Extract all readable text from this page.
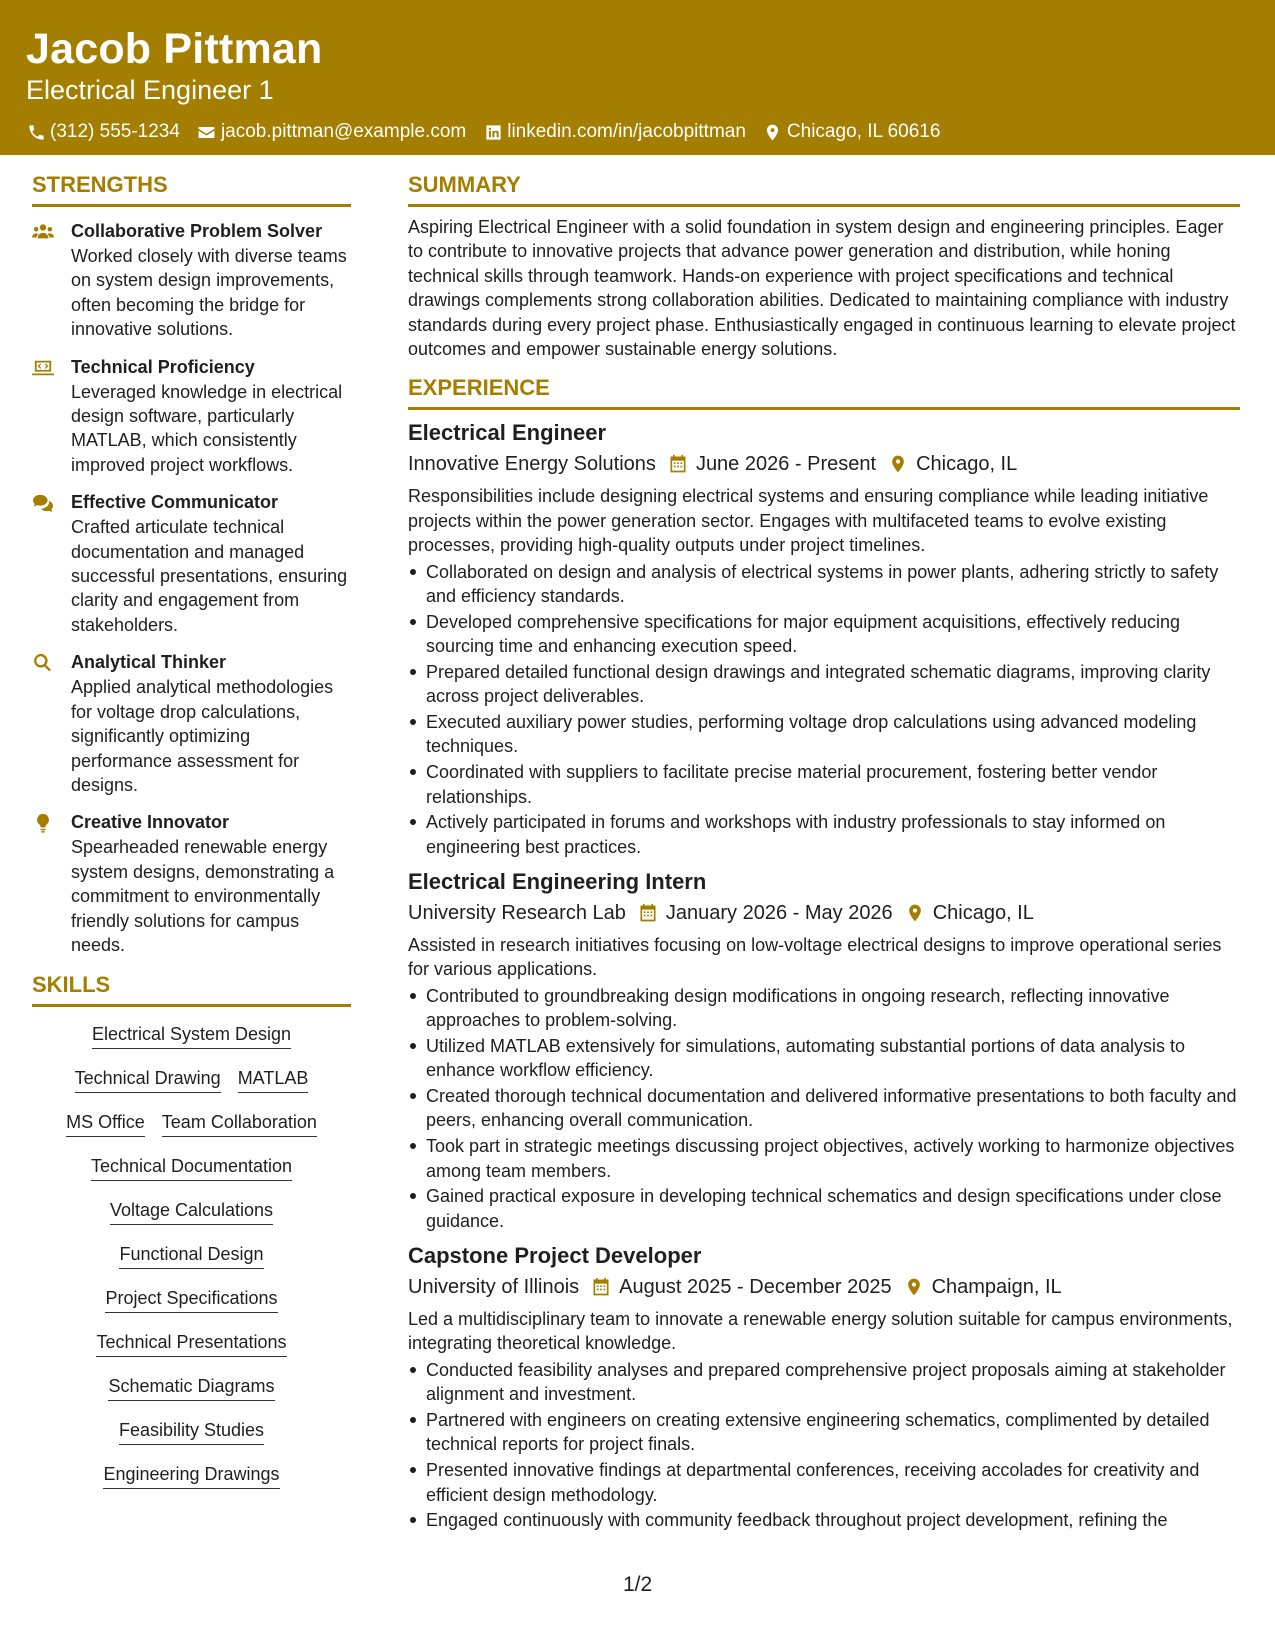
Jacob Pittman
Electrical Engineer 1
(312) 555-1234 jacob.pittman@example.com linkedin.com/in/jacobpittman Chicago, IL 60616
STRENGTHS
Collaborative Problem Solver
Worked closely with diverse teams on system design improvements, often becoming the bridge for innovative solutions.
Technical Proficiency
Leveraged knowledge in electrical design software, particularly MATLAB, which consistently improved project workflows.
Effective Communicator
Crafted articulate technical documentation and managed successful presentations, ensuring clarity and engagement from stakeholders.
Analytical Thinker
Applied analytical methodologies for voltage drop calculations, significantly optimizing performance assessment for designs.
Creative Innovator
Spearheaded renewable energy system designs, demonstrating a commitment to environmentally friendly solutions for campus needs.
SKILLS
Electrical System Design
Technical Drawing MATLAB
MS Office Team Collaboration
Technical Documentation
Voltage Calculations
Functional Design
Project Specifications
Technical Presentations
Schematic Diagrams
Feasibility Studies
Engineering Drawings
SUMMARY
Aspiring Electrical Engineer with a solid foundation in system design and engineering principles. Eager to contribute to innovative projects that advance power generation and distribution, while honing technical skills through teamwork. Hands-on experience with project specifications and technical drawings complements strong collaboration abilities. Dedicated to maintaining compliance with industry standards during every project phase. Enthusiastically engaged in continuous learning to elevate project outcomes and empower sustainable energy solutions.
EXPERIENCE
Electrical Engineer
Innovative Energy Solutions June 2026 - Present Chicago, IL
Responsibilities include designing electrical systems and ensuring compliance while leading initiative projects within the power generation sector. Engages with multifaceted teams to evolve existing processes, providing high-quality outputs under project timelines.
Collaborated on design and analysis of electrical systems in power plants, adhering strictly to safety and efficiency standards.
Developed comprehensive specifications for major equipment acquisitions, effectively reducing sourcing time and enhancing execution speed.
Prepared detailed functional design drawings and integrated schematic diagrams, improving clarity across project deliverables.
Executed auxiliary power studies, performing voltage drop calculations using advanced modeling techniques.
Coordinated with suppliers to facilitate precise material procurement, fostering better vendor relationships.
Actively participated in forums and workshops with industry professionals to stay informed on engineering best practices.
Electrical Engineering Intern
University Research Lab January 2026 - May 2026 Chicago, IL
Assisted in research initiatives focusing on low-voltage electrical designs to improve operational series for various applications.
Contributed to groundbreaking design modifications in ongoing research, reflecting innovative approaches to problem-solving.
Utilized MATLAB extensively for simulations, automating substantial portions of data analysis to enhance workflow efficiency.
Created thorough technical documentation and delivered informative presentations to both faculty and peers, enhancing overall communication.
Took part in strategic meetings discussing project objectives, actively working to harmonize objectives among team members.
Gained practical exposure in developing technical schematics and design specifications under close guidance.
Capstone Project Developer
University of Illinois August 2025 - December 2025 Champaign, IL
Led a multidisciplinary team to innovate a renewable energy solution suitable for campus environments, integrating theoretical knowledge.
Conducted feasibility analyses and prepared comprehensive project proposals aiming at stakeholder alignment and investment.
Partnered with engineers on creating extensive engineering schematics, complimented by detailed technical reports for project finals.
Presented innovative findings at departmental conferences, receiving accolades for creativity and efficient design methodology.
Engaged continuously with community feedback throughout project development, refining the
1/2
